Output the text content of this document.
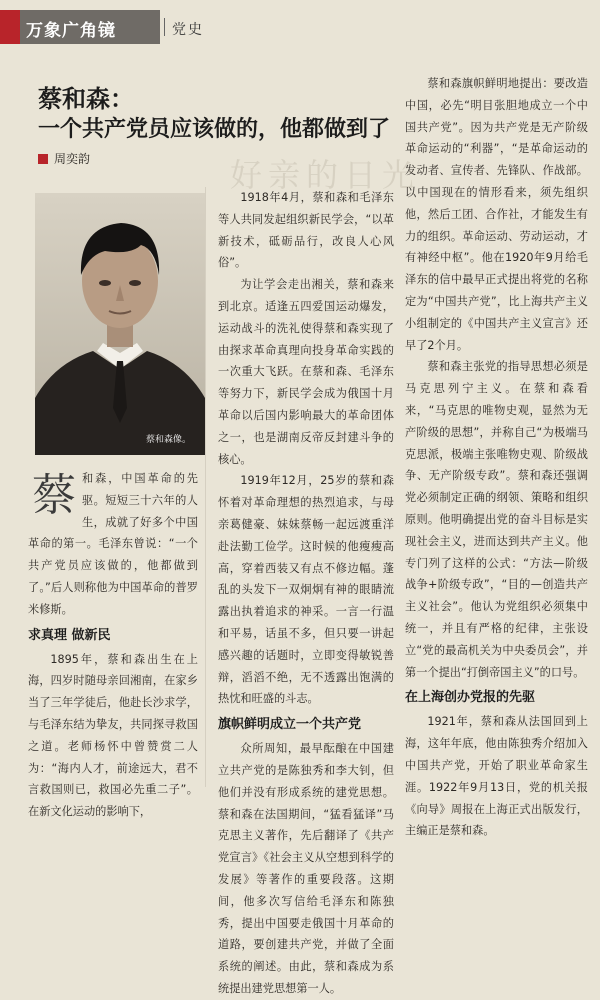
万象广角镜	党史
蔡和森：
一个共产党员应该做的，他都做到了
周奕韵	好亲的日光
蔡和森像。

蔡和森，中国革命的先驱。短短三十六年的人生，成就了好多个中国革命的第一。毛泽东曾说：“一个共产党员应该做的，他都做到了。”后人则称他为中国革命的普罗米修斯。

求真理 做新民

1895年，蔡和森出生在上海，四岁时随母亲回湘南，在家乡当了三年学徒后，他赴长沙求学，与毛泽东结为挚友，共同探寻救国之道。老师杨怀中曾赞赏二人为：“海内人才，前途远大，君不言救国则已，救国必先重二子”。在新文化运动的影响下，

1918年4月，蔡和森和毛泽东等人共同发起组织新民学会，“以革新技术，砥砺品行，改良人心风俗”。

为让学会走出湘关，蔡和森来到北京。适逢五四爱国运动爆发，运动战斗的洗礼使得蔡和森实现了由探求革命真理向投身革命实践的一次重大飞跃。在蔡和森、毛泽东等努力下，新民学会成为俄国十月革命以后国内影响最大的革命团体之一，也是湖南反帝反封建斗争的核心。

1919年12月，25岁的蔡和森怀着对革命理想的热烈追求，与母亲葛健豪、妹妹蔡畅一起远渡重洋赴法勤工俭学。这时候的他瘦瘦高高，穿着西装又有点不修边幅。蓬乱的头发下一双炯炯有神的眼睛流露出执着追求的神采。一言一行温和平易，话虽不多，但只要一讲起感兴趣的话题时，立即变得敏锐善辩，滔滔不绝，无不透露出饱满的热忱和旺盛的斗志。

旗帜鲜明成立一个共产党

众所周知，最早酝酿在中国建立共产党的是陈独秀和李大钊，但他们并没有形成系统的建党思想。蔡和森在法国期间，“猛看猛译”马克思主义著作，先后翻译了《共产党宣言》《社会主义从空想到科学的发展》等著作的重要段落。这期间，他多次写信给毛泽东和陈独秀，提出中国要走俄国十月革命的道路，要创建共产党，并做了全面系统的阐述。由此，蔡和森成为系统提出建党思想第一人。

蔡和森旗帜鲜明地提出：要改造中国，必先“明目张胆地成立一个中国共产党”。因为共产党是无产阶级革命运动的“利器”，“是革命运动的发动者、宣传者、先锋队、作战部。以中国现在的情形看来，须先组织他，然后工团、合作社，才能发生有力的组织。革命运动、劳动运动，才有神经中枢”。他在1920年9月给毛泽东的信中最早正式提出将党的名称定为“中国共产党”，比上海共产主义小组制定的《中国共产主义宣言》还早了2个月。

蔡和森主张党的指导思想必须是马克思列宁主义。在蔡和森看来，“马克思的唯物史观，显然为无产阶级的思想”，并称自己“为极端马克思派，极端主张唯物史观、阶级战争、无产阶级专政”。蔡和森还强调党必须制定正确的纲领、策略和组织原则。他明确提出党的奋斗目标是实现社会主义，进而达到共产主义。他专门列了这样的公式：“方法—阶级战争+阶级专政”，“目的—创造共产主义社会”。他认为党组织必须集中统一，并且有严格的纪律，主张设立“党的最高机关为中央委员会”，并第一个提出“打倒帝国主义”的口号。

在上海创办党报的先驱

1921年，蔡和森从法国回到上海，这年年底，他由陈独秀介绍加入中国共产党，开始了职业革命家生涯。1922年9月13日，党的机关报《向导》周报在上海正式出版发行，主编正是蔡和森。
